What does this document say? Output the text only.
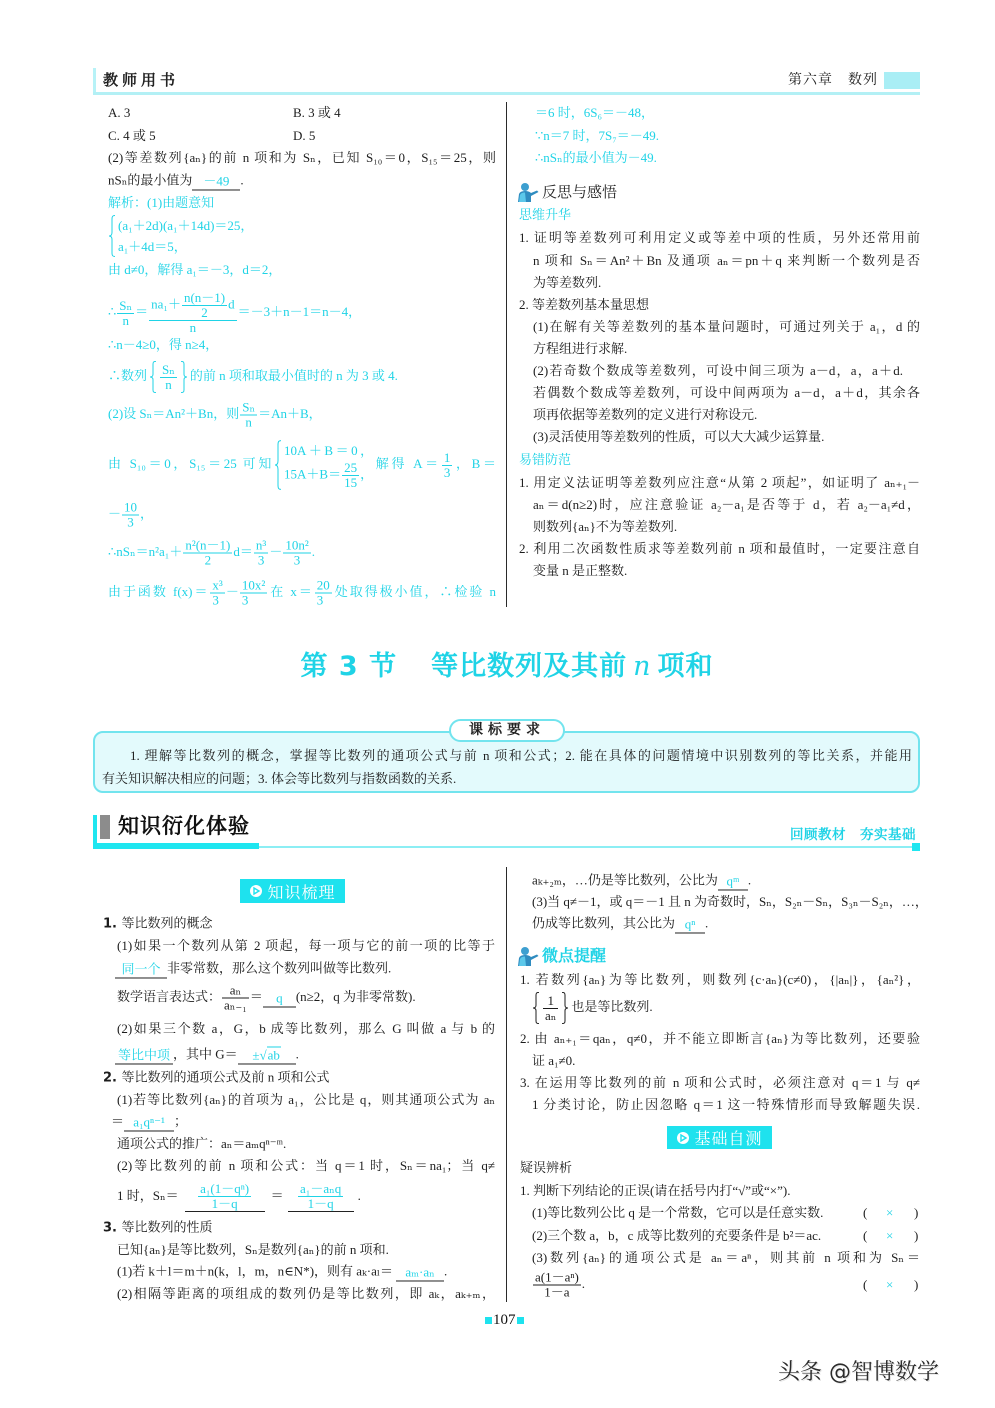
教师用书	第六章　数列
A. 3	B. 3 或 4
C. 4 或 5	D. 5
(2)等差数列{aₙ}的前 n 项和为 Sₙ，已知 S₁₀＝0，S₁₅＝25，则
nSₙ的最小值为 －49 .
解析：(1)由题意知
(a₁＋2d)(a₁＋14d)＝25，
a₁＋4d＝5，
由 d≠0，解得 a₁＝－3，d＝2，
∴ $\frac{\text{Sₙ}}{n} = \frac{na_1+ \frac{n(n-1)}{2} d}{n} =-3+n-1=n-4$，
∴n－4≥0，得 n≥4，
∴数列 $\frac{\text{Sₙ}}{n}$ 的前 n 项和取最小值时的 n 为 3 或 4.
(2)设 Sₙ＝An²＋Bn，则 $\frac{\text{Sₙ}}{n} =An+B$，
由 S₁₀＝0，S₁₅＝25 可知
10A＋B＝0，
$15A+B= \frac{25}{15}$ ，
解得 $A= \frac{1}{3}$ ，B＝
－ $\frac{10}{3}$ ，
∴nSₙ＝n²a₁＋ $\frac{\text{n²(n－1)}}{2} d= \frac{\text{n³}}{3} - \frac{\text{10n²}}{3}$ .
由于函数 $f(x)= \frac{\text{x³}}{3} - \frac{\text{10x²}}{3}$ 在 $x= \frac{20}{3}$ 处取得极小值，∴检验 n
＝6 时，6S₆＝－48，
∵n＝7 时，7S₇＝－49.
∴nSₙ的最小值为－49.
反思与感悟
思维升华
1. 证明等差数列可利用定义或等差中项的性质，另外还常用前
n 项和 Sₙ＝An²＋Bn 及通项 aₙ＝pn＋q 来判断一个数列是否
为等差数列.
2. 等差数列基本量思想
(1)在解有关等差数列的基本量问题时，可通过列关于 a₁，d 的
方程组进行求解.
(2)若奇数个数成等差数列，可设中间三项为 a－d，a，a＋d.
若偶数个数成等差数列，可设中间两项为 a－d，a＋d，其余各
项再依据等差数列的定义进行对称设元.
(3)灵活使用等差数列的性质，可以大大减少运算量.
易错防范
1. 用定义法证明等差数列应注意“从第 2 项起”，如证明了 aₙ₊₁－
aₙ＝d(n≥2)时，应注意验证 a₂－a₁是否等于 d，若 a₂－a₁≠d，
则数列{aₙ}不为等差数列.
2. 利用二次函数性质求等差数列前 n 项和最值时，一定要注意自
变量 n 是正整数.
第 3 节 等比数列及其前 n 项和
课标要求
1. 理解等比数列的概念，掌握等比数列的通项公式与前 n 项和公式；2. 能在具体的问题情境中识别数列的等比关系，并能用
有关知识解决相应的问题；3. 体会等比数列与指数函数的关系.
知识衍化体验	回顾教材　夯实基础
知识梳理
1. 等比数列的概念
(1)如果一个数列从第 2 项起，每一项与它的前一项的比等于
同一个 非零常数，那么这个数列叫做等比数列.
数学语言表达式： $\frac{\text{aₙ}}{\text{aₙ₋₁}} = q$ (n≥2，q 为非零常数).
(2)如果三个数 a，G，b 成等比数列，那么 G 叫做 a 与 b 的
等比中项 ，其中 G＝ ±√ab .
2. 等比数列的通项公式及前 n 项和公式
(1)若等比数列{aₙ}的首项为 a₁，公比是 q，则其通项公式为 aₙ
＝ a₁qⁿ⁻¹ ；
通项公式的推广：aₙ＝aₘqⁿ⁻ᵐ.
(2)等比数列的前 n 项和公式：当 q＝1 时，Sₙ＝na₁；当 q≠
1 时，$S_n= \frac{\text{a₁(1－qⁿ)}}{1-q} = \frac{\text{a₁－aₙq}}{1-q}$ .
3. 等比数列的性质
已知{aₙ}是等比数列，Sₙ是数列{aₙ}的前 n 项和.
(1)若 k＋l＝m＋n(k，l，m，n∈N*)，则有 aₖ·aₗ＝ aₘ·aₙ .
(2)相隔等距离的项组成的数列仍是等比数列，即 aₖ，aₖ₊ₘ，
aₖ₊₂ₘ，…仍是等比数列，公比为 qᵐ .
(3)当 q≠－1，或 q＝－1 且 n 为奇数时，Sₙ，S₂ₙ－Sₙ，S₃ₙ－S₂ₙ，…，
仍成等比数列，其公比为 qⁿ .
微点提醒
1. 若数列{aₙ}为等比数列，则数列{c·aₙ}(c≠0)，{|aₙ|}，{aₙ²}，
$\frac{1}{\text{aₙ}}$ 也是等比数列.
2. 由 aₙ₊₁＝qaₙ，q≠0，并不能立即断言{aₙ}为等比数列，还要验
证 a₁≠0.
3. 在运用等比数列的前 n 项和公式时，必须注意对 q＝1 与 q≠
1 分类讨论，防止因忽略 q＝1 这一特殊情形而导致解题失误.
基础自测
疑误辨析
1. 判断下列结论的正误(请在括号内打“√”或“×”).
(1)等比数列公比 q 是一个常数，它可以是任意实数.	( × )
(2)三个数 a，b，c 成等比数列的充要条件是 b²＝ac.	( × )
(3)数列{aₙ}的通项公式是 aₙ＝aⁿ，则其前 n 项和为 Sₙ＝
$\frac{\text{a(1－aⁿ)}}{1-a}$ .	( × )
107
头条 @智博数学
